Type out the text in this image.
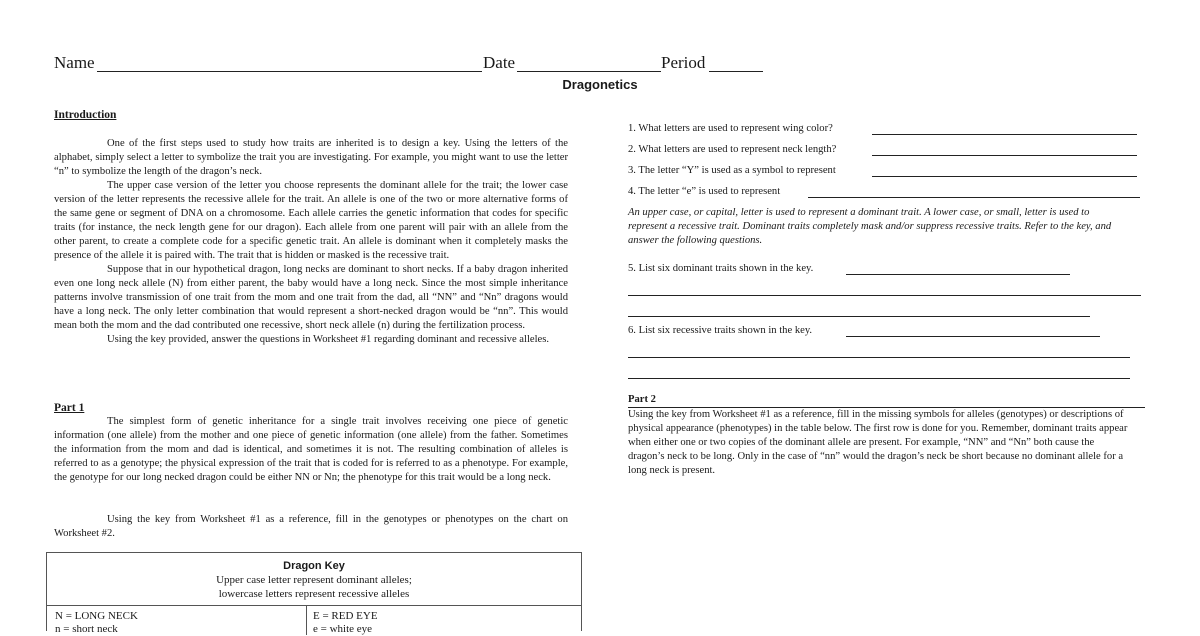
Name	Date	Period
Dragonetics
Introduction

One of the first steps used to study how traits are inherited is to design a key. Using the letters of the alphabet, simply select a letter to symbolize the trait you are investigating. For example, you might want to use the letter “n” to symbolize the length of the dragon’s neck.

The upper case version of the letter you choose represents the dominant allele for the trait; the lower case version of the letter represents the recessive allele for the trait. An allele is one of the two or more alternative forms of the same gene or segment of DNA on a chromosome. Each allele carries the genetic information that codes for specific traits (for instance, the neck length gene for our dragon). Each allele from one parent will pair with an allele from the other parent, to create a complete code for a specific genetic trait. An allele is dominant when it completely masks the presence of the allele it is paired with. The trait that is hidden or masked is the recessive trait.

Suppose that in our hypothetical dragon, long necks are dominant to short necks. If a baby dragon inherited even one long neck allele (N) from either parent, the baby would have a long neck. Since the most simple inheritance patterns involve transmission of one trait from the mom and one trait from the dad, all “NN” and “Nn” dragons would have a long neck. The only letter combination that would represent a short-necked dragon would be “nn”. This would mean both the mom and the dad contributed one recessive, short neck allele (n) during the fertilization process.

Using the key provided, answer the questions in Worksheet #1 regarding dominant and recessive alleles.

Part 1

The simplest form of genetic inheritance for a single trait involves receiving one piece of genetic information (one allele) from the mother and one piece of genetic information (one allele) from the father. Sometimes the information from the mom and dad is identical, and sometimes it is not. The resulting combination of alleles is referred to as a genotype; the physical expression of the trait that is coded for is referred to as a phenotype. For example, the genotype for our long necked dragon could be either NN or Nn; the phenotype for this trait would be a long neck.

Using the key from Worksheet #1 as a reference, fill in the genotypes or phenotypes on the chart on Worksheet #2.

Dragon Key
Upper case letter represent dominant alleles;
lowercase letters represent recessive alleles
N = LONG NECK
n = short neck
E = RED EYE
e = white eye
1. What letters are used to represent wing color?
2. What letters are used to represent neck length?
3. The letter “Y” is used as a symbol to represent
4. The letter “e” is used to represent
An upper case, or capital, letter is used to represent a dominant trait. A lower case, or small, letter is used to represent a recessive trait. Dominant traits completely mask and/or suppress recessive traits. Refer to the key, and answer the following questions.
5. List six dominant traits shown in the key.
6. List six recessive traits shown in the key.
Part 2
Using the key from Worksheet #1 as a reference, fill in the missing symbols for alleles (genotypes) or descriptions of physical appearance (phenotypes) in the table below. The first row is done for you. Remember, dominant traits appear when either one or two copies of the dominant allele are present. For example, “NN” and “Nn” both cause the dragon’s neck to be long. Only in the case of “nn” would the dragon’s neck be short because no dominant allele for a long neck is present.
